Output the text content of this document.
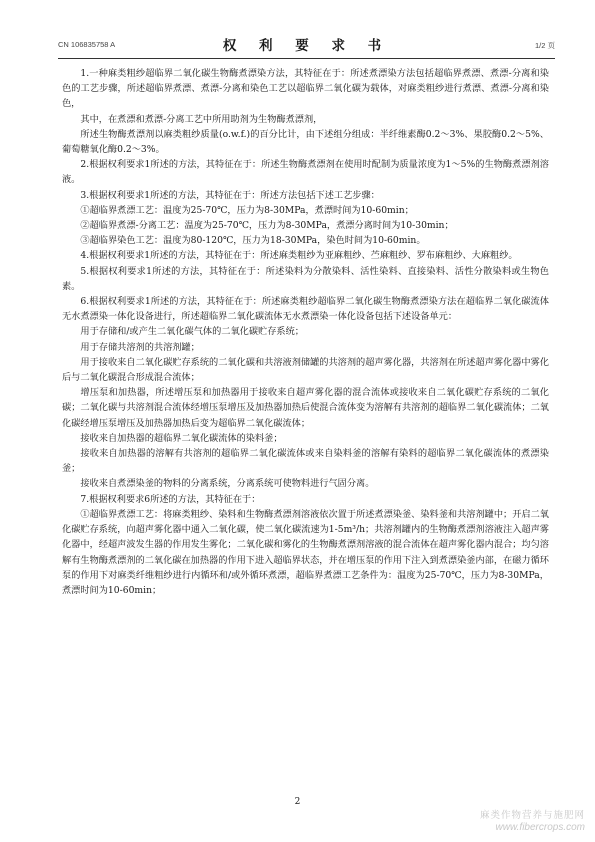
CN 106835758 A	权 利 要 求 书	1/2 页

1.一种麻类粗纱超临界二氧化碳生物酶煮漂染方法，其特征在于：所述煮漂染方法包括超临界煮漂、煮漂-分离和染色的工艺步骤，所述超临界煮漂、煮漂-分离和染色工艺以超临界二氧化碳为载体，对麻类粗纱进行煮漂、煮漂-分离和染色，

其中，在煮漂和煮漂-分离工艺中所用助剂为生物酶煮漂剂，

所述生物酶煮漂剂以麻类粗纱质量(o.w.f.)的百分比计，由下述组分组成：半纤维素酶0.2～3%、果胶酶0.2～5%、葡萄糖氧化酶0.2～3%。

2.根据权利要求1所述的方法，其特征在于：所述生物酶煮漂剂在使用时配制为质量浓度为1～5%的生物酶煮漂剂溶液。

3.根据权利要求1所述的方法，其特征在于：所述方法包括下述工艺步骤：

①超临界煮漂工艺：温度为25-70℃，压力为8-30MPa，煮漂时间为10-60min；

②超临界煮漂-分离工艺：温度为25-70℃，压力为8-30MPa，煮漂分离时间为10-30min；

③超临界染色工艺：温度为80-120℃，压力为18-30MPa，染色时间为10-60min。

4.根据权利要求1所述的方法，其特征在于：所述麻类粗纱为亚麻粗纱、苎麻粗纱、罗布麻粗纱、大麻粗纱。

5.根据权利要求1所述的方法，其特征在于：所述染料为分散染料、活性染料、直接染料、活性分散染料或生物色素。

6.根据权利要求1所述的方法，其特征在于：所述麻类粗纱超临界二氧化碳生物酶煮漂染方法在超临界二氧化碳流体无水煮漂染一体化设备进行，所述超临界二氧化碳流体无水煮漂染一体化设备包括下述设备单元：

用于存储和/或产生二氧化碳气体的二氧化碳贮存系统；

用于存储共溶剂的共溶剂罐；

用于接收来自二氧化碳贮存系统的二氧化碳和共溶液剂储罐的共溶剂的超声雾化器，共溶剂在所述超声雾化器中雾化后与二氧化碳混合形成混合流体；

增压泵和加热器，所述增压泵和加热器用于接收来自超声雾化器的混合流体或接收来自二氧化碳贮存系统的二氧化碳；二氧化碳与共溶剂混合流体经增压泵增压及加热器加热后使混合流体变为溶解有共溶剂的超临界二氧化碳流体；二氧化碳经增压泵增压及加热器加热后变为超临界二氧化碳流体；

接收来自加热器的超临界二氧化碳流体的染料釜；

接收来自加热器的溶解有共溶剂的超临界二氧化碳流体或来自染料釜的溶解有染料的超临界二氧化碳流体的煮漂染釜；

接收来自煮漂染釜的物料的分离系统，分离系统可使物料进行气固分离。

7.根据权利要求6所述的方法，其特征在于：

①超临界煮漂工艺：将麻类粗纱、染料和生物酶煮漂剂溶液依次置于所述煮漂染釜、染料釜和共溶剂罐中；开启二氧化碳贮存系统，向超声雾化器中通入二氧化碳，使二氧化碳流速为1-5m³/h；共溶剂罐内的生物酶煮漂剂溶液注入超声雾化器中，经超声波发生器的作用发生雾化；二氧化碳和雾化的生物酶煮漂剂溶液的混合流体在超声雾化器内混合；均匀溶解有生物酶煮漂剂的二氧化碳在加热器的作用下进入超临界状态，并在增压泵的作用下注入到煮漂染釜内部，在磁力循环泵的作用下对麻类纤维粗纱进行内循环和/或外循环煮漂，超临界煮漂工艺条件为：温度为25-70℃，压力为8-30MPa，煮漂时间为10-60min；

2
麻类作物营养与施肥网
www.fibercrops.com
